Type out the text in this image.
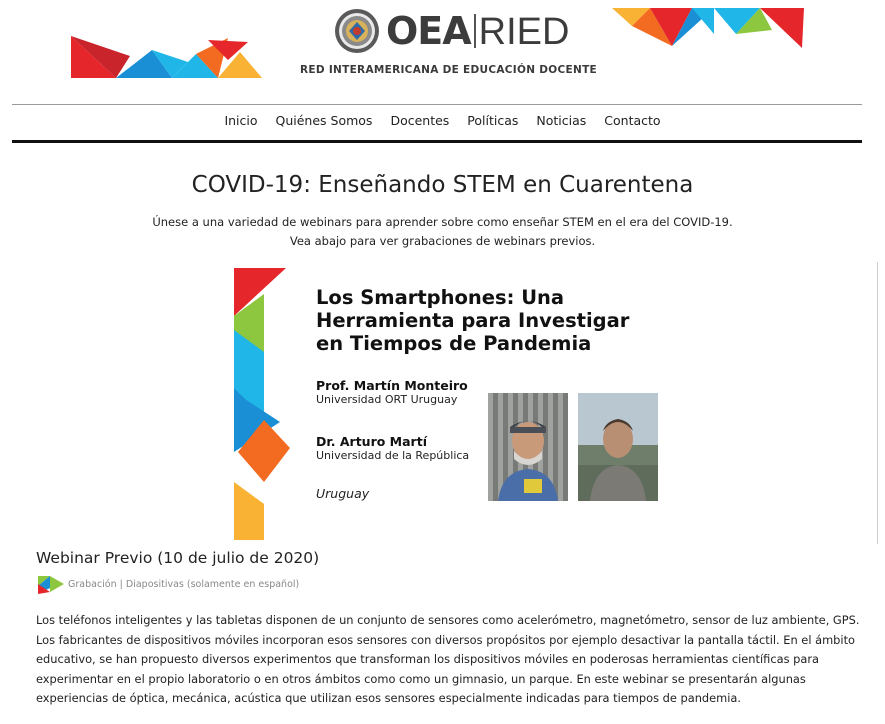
OEA RIED
RED INTERAMERICANA DE EDUCACIÓN DOCENTE
Inicio Quiénes Somos Docentes Políticas Noticias Contacto
COVID-19: Enseñando STEM en Cuarentena
Únese a una variedad de webinars para aprender sobre como enseñar STEM en el era del COVID-19.
Vea abajo para ver grabaciones de webinars previos.
Los Smartphones: Una
Herramienta para Investigar
en Tiempos de Pandemia
Prof. Martín Monteiro
Universidad ORT Uruguay
Dr. Arturo Martí
Universidad de la República
Uruguay
Webinar Previo (10 de julio de 2020)
Grabación | Diapositivas (solamente en español)
Los teléfonos inteligentes y las tabletas disponen de un conjunto de sensores como acelerómetro, magnetómetro, sensor de luz ambiente, GPS. Los fabricantes de dispositivos móviles incorporan esos sensores con diversos propósitos por ejemplo desactivar la pantalla táctil. En el ámbito educativo, se han propuesto diversos experimentos que transforman los dispositivos móviles en poderosas herramientas científicas para experimentar en el propio laboratorio o en otros ámbitos como como un gimnasio, un parque. En este webinar se presentarán algunas experiencias de óptica, mecánica, acústica que utilizan esos sensores especialmente indicadas para tiempos de pandemia.
